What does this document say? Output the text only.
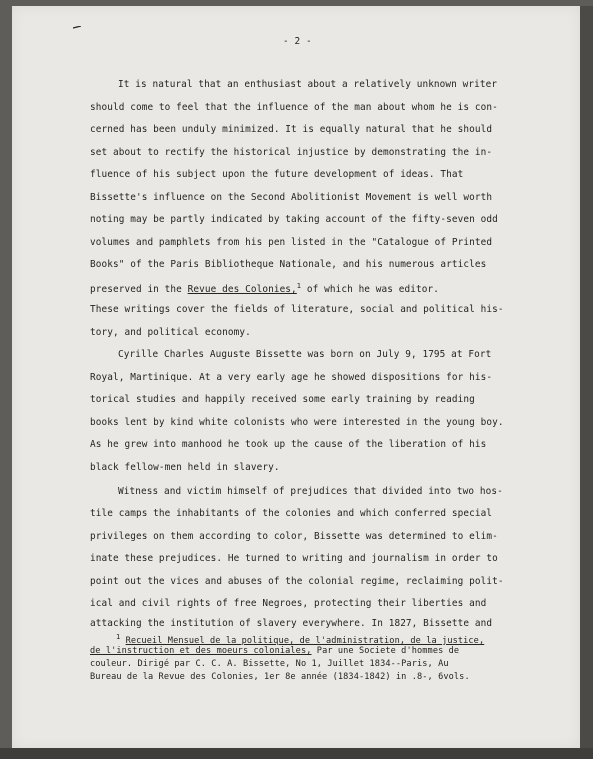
- 2 -
It is natural that an enthusiast about a relatively unknown writer
should come to feel that the influence of the man about whom he is con-
cerned has been unduly minimized. It is equally natural that he should
set about to rectify the historical injustice by demonstrating the in-
fluence of his subject upon the future development of ideas. That
Bissette's influence on the Second Abolitionist Movement is well worth
noting may be partly indicated by taking account of the fifty-seven odd
volumes and pamphlets from his pen listed in the "Catalogue of Printed
Books" of the Paris Bibliotheque Nationale, and his numerous articles
preserved in the Revue des Colonies,$^1$ of which he was editor.
These writings cover the fields of literature, social and political his-
tory, and political economy.
Cyrille Charles Auguste Bissette was born on July 9, 1795 at Fort
Royal, Martinique. At a very early age he showed dispositions for his-
torical studies and happily received some early training by reading
books lent by kind white colonists who were interested in the young boy.
As he grew into manhood he took up the cause of the liberation of his
black fellow-men held in slavery.
Witness and victim himself of prejudices that divided into two hos-
tile camps the inhabitants of the colonies and which conferred special
privileges on them according to color, Bissette was determined to elim-
inate these prejudices. He turned to writing and journalism in order to
point out the vices and abuses of the colonial regime, reclaiming polit-
ical and civil rights of free Negroes, protecting their liberties and
attacking the institution of slavery everywhere. In 1827, Bissette and
$^1$ Recueil Mensuel de la politique, de l'administration, de la justice,
de l'instruction et des moeurs coloniales, Par une Societe d'hommes de
couleur. Dirigé par C. C. A. Bissette, No 1, Juillet 1834--Paris, Au
Bureau de la Revue des Colonies, 1er 8e année (1834-1842) in .8-, 6vols.
